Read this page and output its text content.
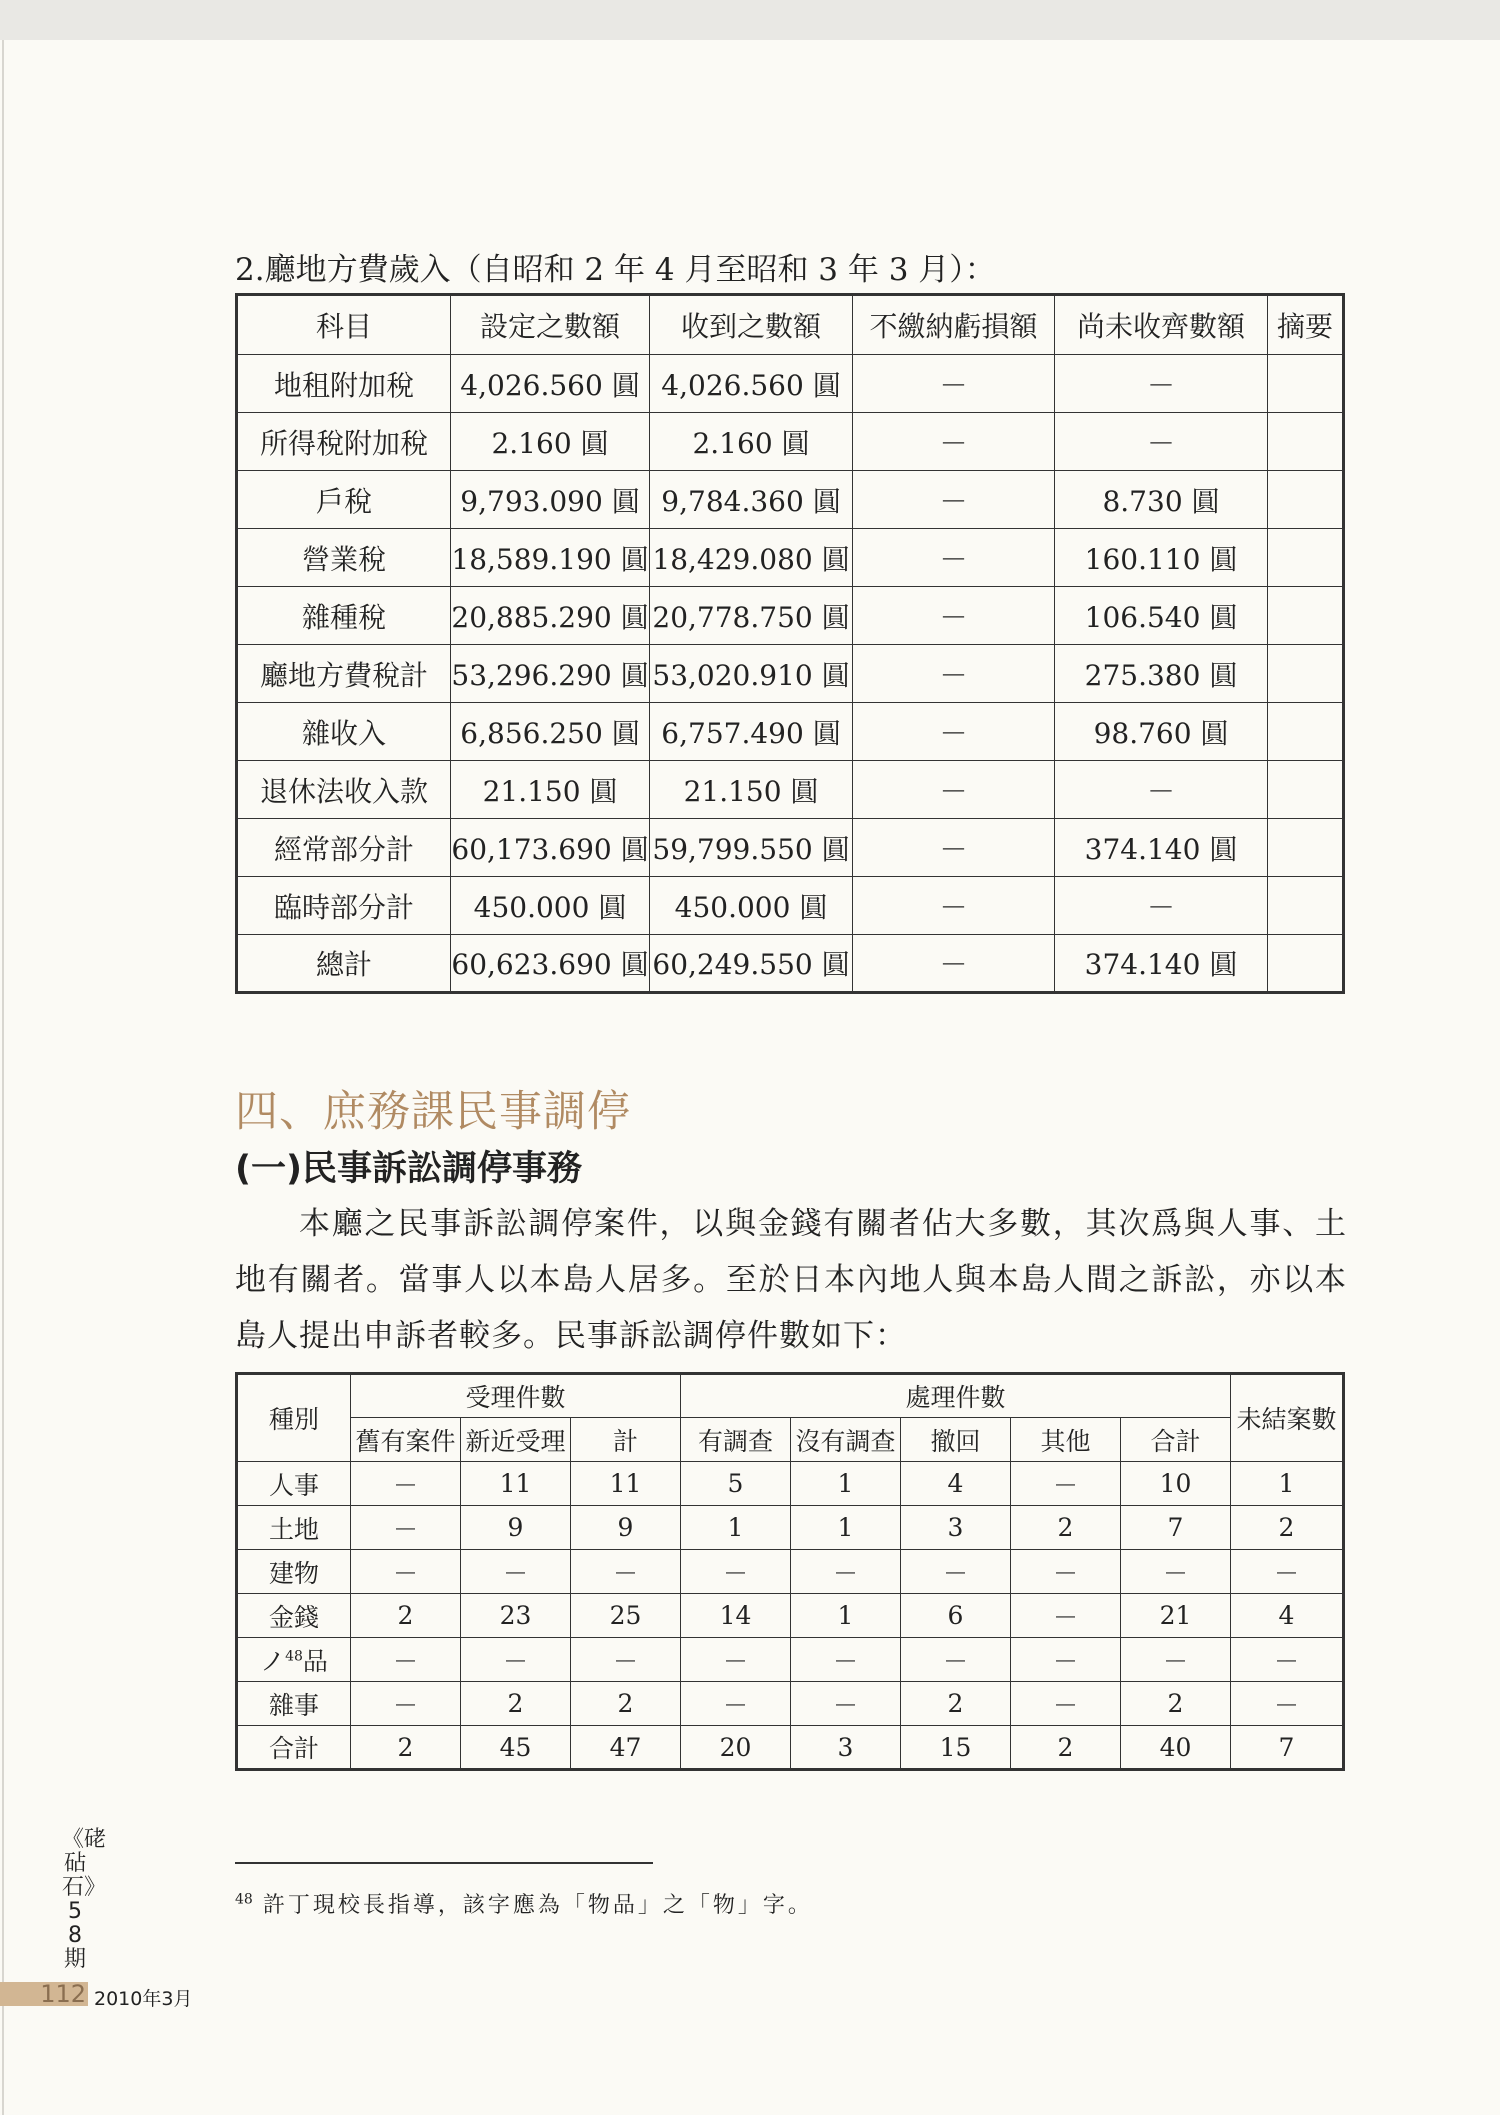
2.廳地方費歲入（自昭和 2 年 4 月至昭和 3 年 3 月）：
科目	設定之數額	收到之數額	不繳納虧損額	尚未收齊數額	摘要
地租附加稅	4,026.560 圓	4,026.560 圓	－	－	
所得稅附加稅	2.160 圓	2.160 圓	－	－	
戶稅	9,793.090 圓	9,784.360 圓	－	8.730 圓	
營業稅	18,589.190 圓	18,429.080 圓	－	160.110 圓	
雜種稅	20,885.290 圓	20,778.750 圓	－	106.540 圓	
廳地方費稅計	53,296.290 圓	53,020.910 圓	－	275.380 圓	
雜收入	6,856.250 圓	6,757.490 圓	－	98.760 圓	
退休法收入款	21.150 圓	21.150 圓	－	－	
經常部分計	60,173.690 圓	59,799.550 圓	－	374.140 圓	
臨時部分計	450.000 圓	450.000 圓	－	－	
總計	60,623.690 圓	60,249.550 圓	－	374.140 圓	
四、庶務課民事調停
(一)民事訴訟調停事務
本廳之民事訴訟調停案件，以與金錢有關者佔大多數，其次爲與人事、土地有關者。當事人以本島人居多。至於日本內地人與本島人間之訴訟，亦以本島人提出申訴者較多。民事訴訟調停件數如下：
種別	受理件數			處理件數					未結案數
	舊有案件	新近受理	計	有調查	沒有調查	撤回	其他	合計	
人事	－	11	11	5	1	4	－	10	1
土地	－	9	9	1	1	3	2	7	2
建物	－	－	－	－	－	－	－	－	－
金錢	2	23	25	14	1	6	－	21	4
ノ$^{48}$品	－	－	－	－	－	－	－	－	－
雜事	－	2	2	－	－	2	－	2	－
合計	2	45	47	20	3	15	2	40	7
$^{48}$ 許丁現校長指導，該字應為「物品」之「物」字。
《硓砧石》58期
112 2010年3月
